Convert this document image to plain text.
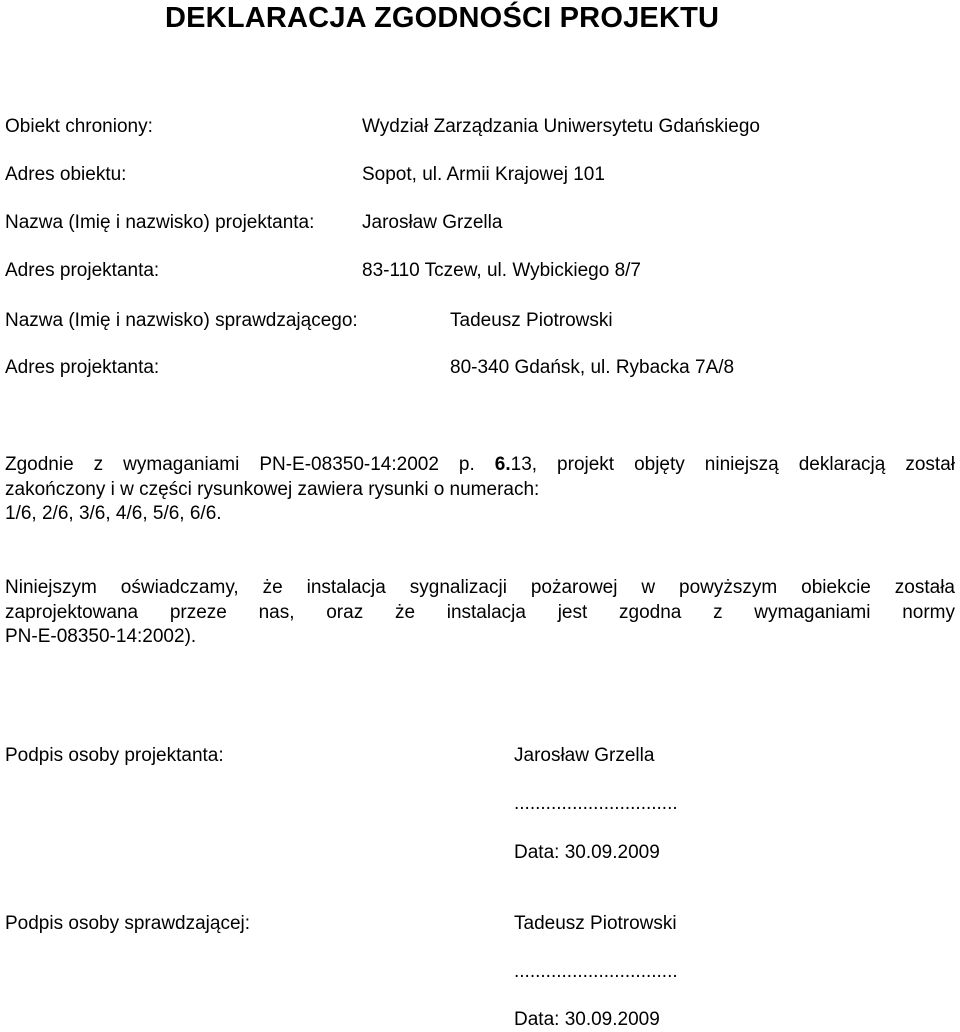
DEKLARACJA ZGODNOŚCI PROJEKTU
Obiekt chroniony:	Wydział Zarządzania Uniwersytetu Gdańskiego
Adres obiektu:	Sopot, ul. Armii Krajowej 101
Nazwa (Imię i nazwisko) projektanta:	Jarosław Grzella
Adres projektanta:	83-110 Tczew, ul. Wybickiego 8/7
Nazwa (Imię i nazwisko) sprawdzającego:	Tadeusz Piotrowski
Adres projektanta:	80-340 Gdańsk, ul. Rybacka 7A/8
Zgodnie z wymaganiami PN-E-08350-14:2002 p. 6.13, projekt objęty niniejszą deklaracją został
zakończony i w części rysunkowej zawiera rysunki o numerach:
1/6, 2/6, 3/6, 4/6, 5/6, 6/6.
Niniejszym oświadczamy, że instalacja sygnalizacji pożarowej w powyższym obiekcie została
zaprojektowana przeze nas, oraz że instalacja jest zgodna z wymaganiami normy
PN-E-08350-14:2002).
Podpis osoby projektanta:	Jarosław Grzella
...............................
Data: 30.09.2009
Podpis osoby sprawdzającej:	Tadeusz Piotrowski
...............................
Data: 30.09.2009
